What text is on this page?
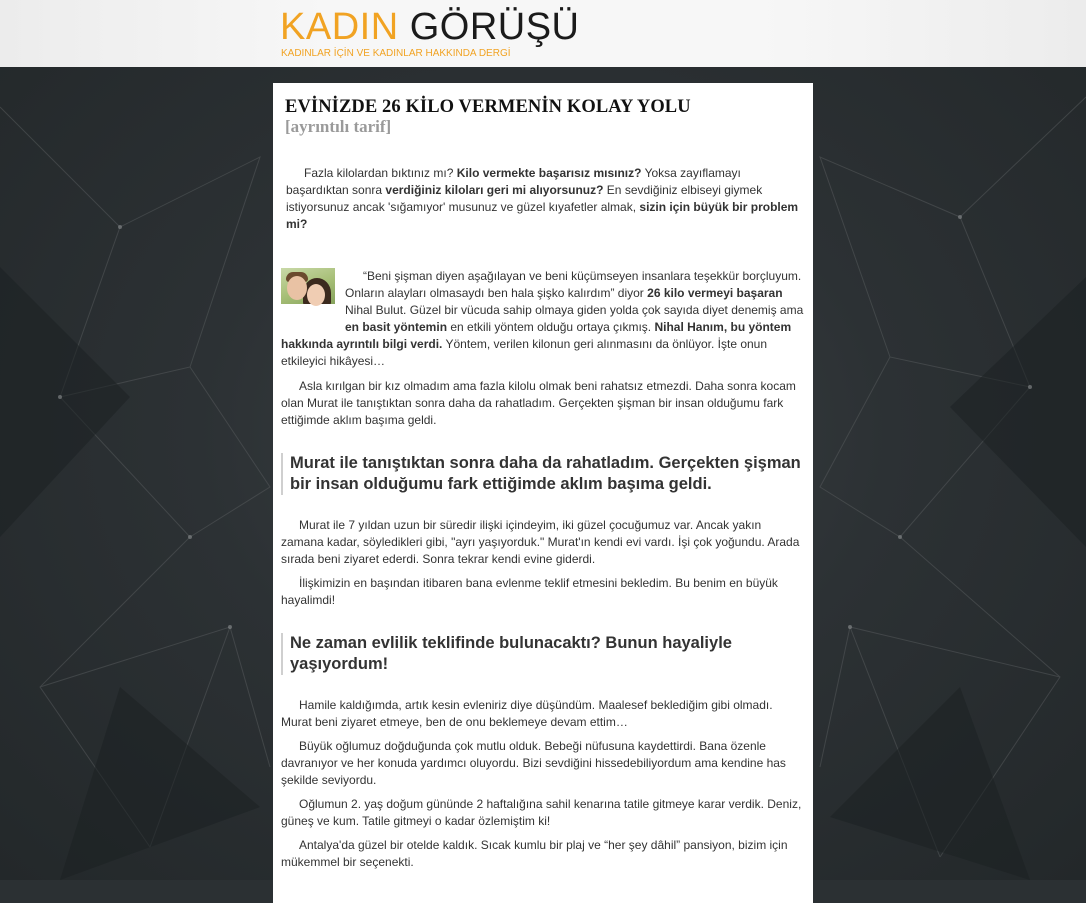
KADIN GÖRÜŞÜ
KADINLAR İÇİN VE KADINLAR HAKKINDA DERGİ
EVİNİZDE 26 KİLO VERMENİN KOLAY YOLU
[ayrıntılı tarif]

Fazla kilolardan bıktınız mı? Kilo vermekte başarısız mısınız? Yoksa zayıflamayı başardıktan sonra verdiğiniz kiloları geri mi alıyorsunuz? En sevdiğiniz elbiseyi giymek istiyorsunuz ancak 'sığamıyor' musunuz ve güzel kıyafetler almak, sizin için büyük bir problem mi?

“Beni şişman diyen aşağılayan ve beni küçümseyen insanlara teşekkür borçluyum. Onların alayları olmasaydı ben hala şişko kalırdım” diyor 26 kilo vermeyi başaran Nihal Bulut. Güzel bir vücuda sahip olmaya giden yolda çok sayıda diyet denemiş ama en basit yöntemin en etkili yöntem olduğu ortaya çıkmış. Nihal Hanım, bu yöntem hakkında ayrıntılı bilgi verdi. Yöntem, verilen kilonun geri alınmasını da önlüyor. İşte onun etkileyici hikâyesi…

Asla kırılgan bir kız olmadım ama fazla kilolu olmak beni rahatsız etmezdi. Daha sonra kocam olan Murat ile tanıştıktan sonra daha da rahatladım. Gerçekten şişman bir insan olduğumu fark ettiğimde aklım başıma geldi.

Murat ile tanıştıktan sonra daha da rahatladım. Gerçekten şişman bir insan olduğumu fark ettiğimde aklım başıma geldi.

Murat ile 7 yıldan uzun bir süredir ilişki içindeyim, iki güzel çocuğumuz var. Ancak yakın zamana kadar, söyledikleri gibi, "ayrı yaşıyorduk." Murat'ın kendi evi vardı. İşi çok yoğundu. Arada sırada beni ziyaret ederdi. Sonra tekrar kendi evine giderdi.

İlişkimizin en başından itibaren bana evlenme teklif etmesini bekledim. Bu benim en büyük hayalimdi!

Ne zaman evlilik teklifinde bulunacaktı? Bunun hayaliyle yaşıyordum!

Hamile kaldığımda, artık kesin evleniriz diye düşündüm. Maalesef beklediğim gibi olmadı. Murat beni ziyaret etmeye, ben de onu beklemeye devam ettim…

Büyük oğlumuz doğduğunda çok mutlu olduk. Bebeği nüfusuna kaydettirdi. Bana özenle davranıyor ve her konuda yardımcı oluyordu. Bizi sevdiğini hissedebiliyordum ama kendine has şekilde seviyordu.

Oğlumun 2. yaş doğum gününde 2 haftalığına sahil kenarına tatile gitmeye karar verdik. Deniz, güneş ve kum. Tatile gitmeyi o kadar özlemiştim ki!

Antalya'da güzel bir otelde kaldık. Sıcak kumlu bir plaj ve “her şey dâhil” pansiyon, bizim için mükemmel bir seçenekti.
